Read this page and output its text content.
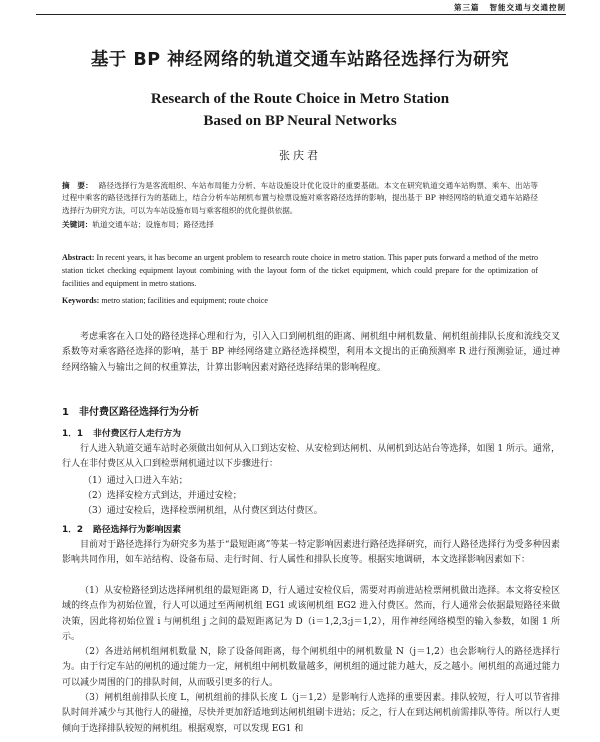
第三篇 智能交通与交通控制
基于 BP 神经网络的轨道交通车站路径选择行为研究
Research of the Route Choice in Metro Station
Based on BP Neural Networks
张庆君
摘　要： 路径选择行为是客流组织、车站布局能力分析、车站设施设计优化设计的重要基础。本文在研究轨道交通车站购票、乘车、出站等过程中乘客的路径选择行为的基础上，结合分析车站闸机布置与检票设施对乘客路径选择的影响，提出基于 BP 神经网络的轨道交通车站路径选择行为研究方法，可以为车站设施布局与乘客组织的优化提供依据。
关键词：轨道交通车站；设施布局；路径选择
Abstract: In recent years, it has become an urgent problem to research route choice in metro station. This paper puts forward a method of the metro station ticket checking equipment layout combining with the layout form of the ticket equipment, which could prepare for the optimization of facilities and equipment in metro stations.
Keywords: metro station; facilities and equipment; route choice
考虑乘客在入口处的路径选择心理和行为，引入入口到闸机组的距离、闸机组中闸机数量、闸机组前排队长度和流线交叉系数等对乘客路径选择的影响，基于 BP 神经网络建立路径选择模型，利用本文提出的正确预测率 R 进行预测验证，通过神经网络输入与输出之间的权重算法，计算出影响因素对路径选择结果的影响程度。
1 非付费区路径选择行为分析
1．1 非付费区行人走行方为
行人进入轨道交通车站时必须做出如何从入口到达安检、从安检到达闸机、从闸机到达站台等选择，如图 1 所示。通常，行人在非付费区从入口到检票闸机通过以下步骤进行：
（1）通过入口进入车站；
（2）选择安检方式到达，并通过安检；
（3）通过安检后，选择检票闸机组，从付费区到达付费区。
1．2 路径选择行为影响因素
目前对于路径选择行为研究多为基于“最短距离”等某一特定影响因素进行路径选择研究，而行人路径选择行为受多种因素影响共同作用，如车站结构、设备布局、走行时间、行人属性和排队长度等。根据实地调研，本文选择影响因素如下：
（1）从安检路径到达选择闸机组的最短距离 D，行人通过安检仪后，需要对再前进站检票闸机做出选择。本文将安检区域的终点作为初始位置，行人可以通过至两闸机组 EG1 或该闸机组 EG2 进入付费区。然而，行人通常会依据最短路径来做决策，因此将初始位置 i 与闸机组 j 之间的最短距离记为 D（i＝1,2,3;j＝1,2），用作神经网络模型的输入参数，如图 1 所示。
（2）各进站闸机组闸机数量 N，除了设备间距离，每个闸机组中的闸机数量 N（j＝1,2）也会影响行人的路径选择行为。由于行定车站的闸机的通过能力一定，闸机组中闸机数量越多，闸机组的通过能力越大，反之越小。闸机组的高通过能力可以减少周围的门的排队时间，从而吸引更多的行人。
（3）闸机组前排队长度 L，闸机组前的排队长度 L（j＝1,2）是影响行人选择的重要因素。排队较短，行人可以节省排队时间并减少与其他行人的碰撞，尽快并更加舒适地到达闸机组刷卡进站；反之，行人在到达闸机前需排队等待。所以行人更倾向于选择排队较短的闸机组。根据观察，可以发现 EG1 和
